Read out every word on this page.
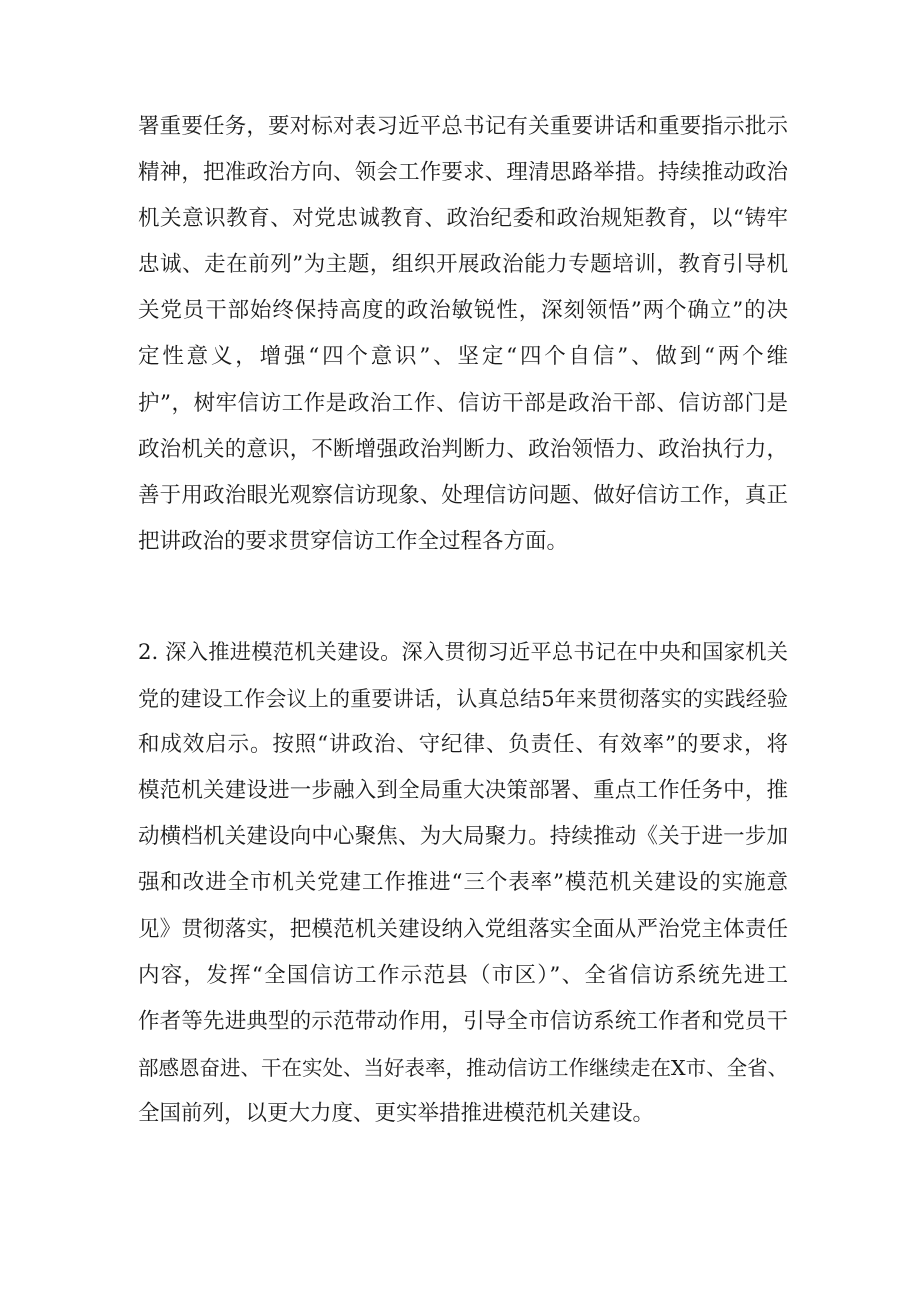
署重要任务，要对标对表习近平总书记有关重要讲话和重要指示批示
精神，把准政治方向、领会工作要求、理清思路举措。持续推动政治
机关意识教育、对党忠诚教育、政治纪委和政治规矩教育，以“铸牢
忠诚、走在前列”为主题，组织开展政治能力专题培训，教育引导机
关党员干部始终保持高度的政治敏锐性，深刻领悟”两个确立”的决
定性意义，增强“四个意识”、坚定“四个自信”、做到“两个维
护”，树牢信访工作是政治工作、信访干部是政治干部、信访部门是
政治机关的意识，不断增强政治判断力、政治领悟力、政治执行力，
善于用政治眼光观察信访现象、处理信访问题、做好信访工作，真正
把讲政治的要求贯穿信访工作全过程各方面。
2. 深入推进模范机关建设。深入贯彻习近平总书记在中央和国家机关
党的建设工作会议上的重要讲话，认真总结5年来贯彻落实的实践经验
和成效启示。按照“讲政治、守纪律、负责任、有效率”的要求，将
模范机关建设进一步融入到全局重大决策部署、重点工作任务中，推
动横档机关建设向中心聚焦、为大局聚力。持续推动《关于进一步加
强和改进全市机关党建工作推进“三个表率”模范机关建设的实施意
见》贯彻落实，把模范机关建设纳入党组落实全面从严治党主体责任
内容，发挥“全国信访工作示范县（市区）”、全省信访系统先进工
作者等先进典型的示范带动作用，引导全市信访系统工作者和党员干
部感恩奋进、干在实处、当好表率，推动信访工作继续走在X市、全省、
全国前列，以更大力度、更实举措推进模范机关建设。
